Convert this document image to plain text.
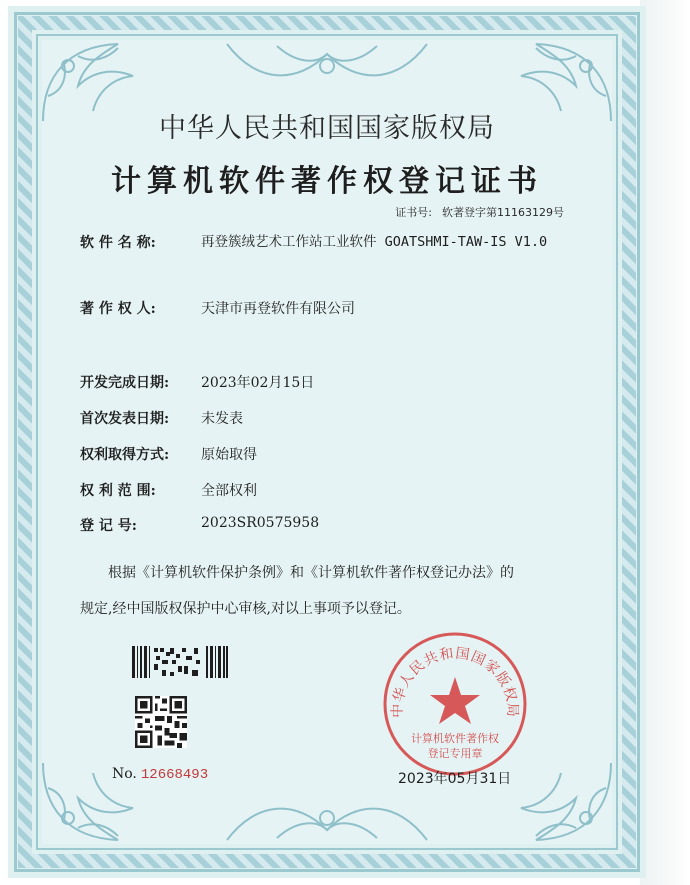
中华人民共和国国家版权局
计算机软件著作权登记证书
证书号: 软著登字第11163129号
软 件 名 称:	再登簇绒艺术工作站工业软件 GOATSHMI-TAW-IS V1.0
著 作 权 人:	天津市再登软件有限公司
开发完成日期:	2023年02月15日
首次发表日期:	未发表
权利取得方式:	原始取得
权 利 范 围:	全部权利
登 记 号:	2023SR0575958
根据《计算机软件保护条例》和《计算机软件著作权登记办法》的
规定,经中国版权保护中心审核,对以上事项予以登记。
No. 12668493
中华人民共和国国家版权局
计算机软件著作权
登记专用章
2023年05月31日
